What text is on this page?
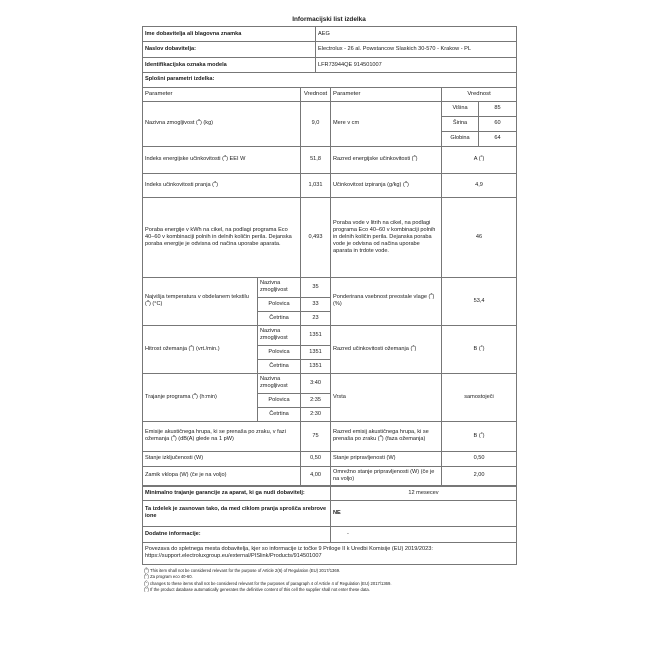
Informacijski list izdelka
Ime dobavitelja ali blagovna znamka	AEG
Naslov dobavitelja:	Electrolux - 26 al. Powstancow Slaskich 30-570 - Krakow - PL
Identifikacijska oznaka modela	LFR73944QE 914501007
Splošni parametri izdelka:	
Parameter		Vrednost	Parameter	Vrednost	
Nazivna zmogljivost ($^a$) (kg)		9,0	Mere v cm	Višina	85
				Širina	60
				Globina	64
Indeks energijske učinkovitosti ($^a$) EEI W		51,8	Razred energijske učinkovitosti ($^a$)	A ($^c$)	
Indeks učinkovitosti pranja ($^a$)		1,031	Učinkovitost izpiranja (g/kg) ($^a$)	4,9	
Poraba energije v kWh na cikel, na podlagi programa Eco 40–60 v kombinaciji polnih in delnih količin perila. Dejanska poraba energije je odvisna od načina uporabe aparata.		0,493	Poraba vode v litrih na cikel, na podlagi programa Eco 40–60 v kombinaciji polnih in delnih količin perila. Dejanska poraba vode je odvisna od načina uporabe aparata in trdote vode.	46	
Najvišja temperatura v obdelanem tekstilu ($^a$) (°C)	Nazivna zmogljivost	35	Ponderirana vsebnost preostale vlage ($^a$) (%)	53,4	
	Polovica	33			
	Četrtina	23			
Hitrost ožemanja ($^a$) (vrt./min.)	Nazivna zmogljivost	1351	Razred učinkovitosti ožemanja ($^a$)	B ($^c$)	
	Polovica	1351			
	Četrtina	1351			
Trajanje programa ($^a$) (h:min)	Nazivna zmogljivost	3:40	Vrsta	samostoječi	
	Polovica	2:35			
	Četrtina	2:30			
Emisije akustičnega hrupa, ki se prenaša po zraku, v fazi ožemanja ($^a$) (dB(A) glede na 1 pW)		75	Razred emisij akustičnega hrupa, ki se prenaša po zraku ($^a$) (faza ožemanja)	B ($^c$)	
Stanje izključenosti (W)		0,50	Stanje pripravljenosti (W)	0,50	
Zamik vklopa (W) (če je na voljo)		4,00	Omrežno stanje pripravljenosti (W) (če je na voljo)	2,00	
Minimalno trajanje garancije za aparat, ki ga nudi dobavitelj:	12 mesecev
Ta izdelek je zasnovan tako, da med ciklom pranja sprošča srebrove ione	NE
Dodatne informacije:	-
Povezava do spletnega mesta dobavitelja, kjer so informacije iz točke 9 Priloge II k Uredbi Komisije (EU) 2019/2023: https://support.electroluxgroup.eu/external/PISlink/Products/914501007	
($^a$) This item shall not be considered relevant for the purpose of Article 2(6) of Regulation (EU) 2017/1369.
($^b$) Za program eco 40-60.
($^c$) changes to these items shall not be considered relevant for the purposes of paragraph 4 of Article 4 of Regulation (EU) 2017/1369.
($^d$) If the product database automatically generates the definitive content of this cell the supplier shall not enter these data.
